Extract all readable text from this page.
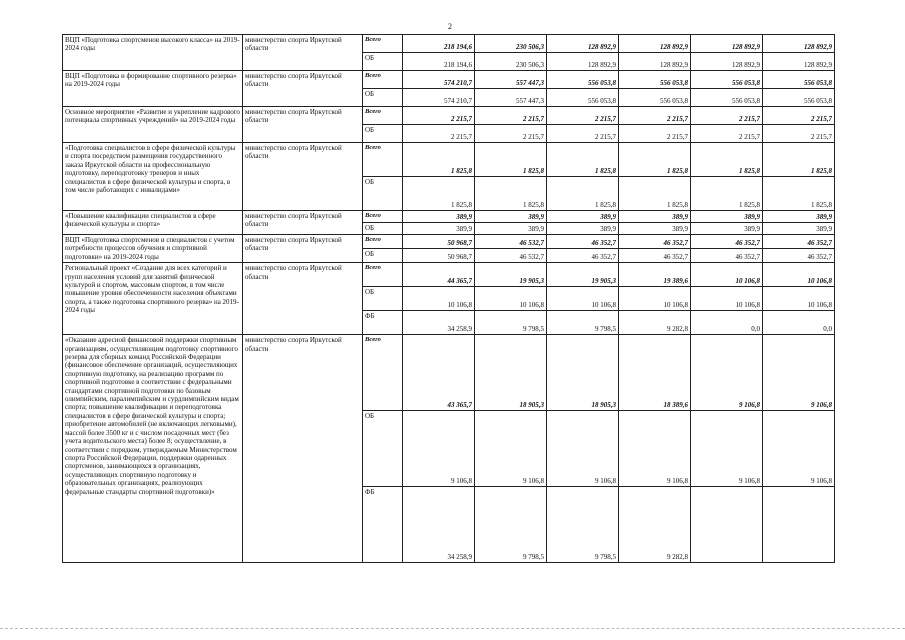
2
ВЦП «Подготовка спортсменов высокого класса» на 2019-2024 годы	министерство спорта Иркутской области	Всего	218 194,6	230 506,3	128 892,9	128 892,9	128 892,9	128 892,9
		ОБ	218 194,6	230 506,3	128 892,9	128 892,9	128 892,9	128 892,9
ВЦП «Подготовка и формирование спортивного резерва» на 2019-2024 годы	министерство спорта Иркутской области	Всего	574 210,7	557 447,3	556 053,8	556 053,8	556 053,8	556 053,8
		ОБ	574 210,7	557 447,3	556 053,8	556 053,8	556 053,8	556 053,8
Основное мероприятие «Развитие и укрепление кадрового потенциала спортивных учреждений» на 2019-2024 годы	министерство спорта Иркутской области	Всего	2 215,7	2 215,7	2 215,7	2 215,7	2 215,7	2 215,7
		ОБ	2 215,7	2 215,7	2 215,7	2 215,7	2 215,7	2 215,7
«Подготовка специалистов в сфере физической культуры и спорта посредством размещения государственного заказа Иркутской области на профессиональную подготовку, переподготовку тренеров и иных специалистов в сфере физической культуры и спорта, в том числе работающих с инвалидами»	министерство спорта Иркутской области	Всего	1 825,8	1 825,8	1 825,8	1 825,8	1 825,8	1 825,8
		ОБ	1 825,8	1 825,8	1 825,8	1 825,8	1 825,8	1 825,8
«Повышение квалификации специалистов в сфере физической культуры и спорта»	министерство спорта Иркутской области	Всего	389,9	389,9	389,9	389,9	389,9	389,9
		ОБ	389,9	389,9	389,9	389,9	389,9	389,9
ВЦП «Подготовка спортсменов и специалистов с учетом потребности процессов обучения и спортивной подготовки» на 2019-2024 годы	министерство спорта Иркутской области	Всего	50 968,7	46 532,7	46 352,7	46 352,7	46 352,7	46 352,7
		ОБ	50 968,7	46 532,7	46 352,7	46 352,7	46 352,7	46 352,7
Региональный проект «Создание для всех категорий и групп населения условий для занятий физической культурой и спортом, массовым спортом, в том числе повышение уровня обеспеченности населения объектами спорта, а также подготовка спортивного резерва» на 2019-2024 годы	министерство спорта Иркутской области	Всего	44 365,7	19 905,3	19 905,3	19 389,6	10 106,8	10 106,8
		ОБ	10 106,8	10 106,8	10 106,8	10 106,8	10 106,8	10 106,8
		ФБ	34 258,9	9 798,5	9 798,5	9 282,8	0,0	0,0
«Оказание адресной финансовой поддержки спортивным организациям, осуществляющим подготовку спортивного резерва для сборных команд Российской Федерации (финансовое обеспечение организаций, осуществляющих спортивную подготовку, на реализацию программ по спортивной подготовке в соответствии с федеральными стандартами спортивной подготовки по базовым олимпийским, паралимпийским и сурдлимпийским видам спорта; повышение квалификации и переподготовка специалистов в сфере физической культуры и спорта; приобретение автомобилей (не включающих легковыми), массой более 3500 кг и с числом посадочных мест (без учета водительского места) более 8; осуществление, в соответствии с порядком, утверждаемым Министерством спорта Российской Федерации, поддержки одаренных спортсменов, занимающихся в организациях, осуществляющих спортивную подготовку и образовательных организациях, реализующих федеральные стандарты спортивной подготовки)»	министерство спорта Иркутской области	Всего	43 365,7	18 905,3	18 905,3	18 389,6	9 106,8	9 106,8
		ОБ	9 106,8	9 106,8	9 106,8	9 106,8	9 106,8	9 106,8
		ФБ	34 258,9	9 798,5	9 798,5	9 282,8		
